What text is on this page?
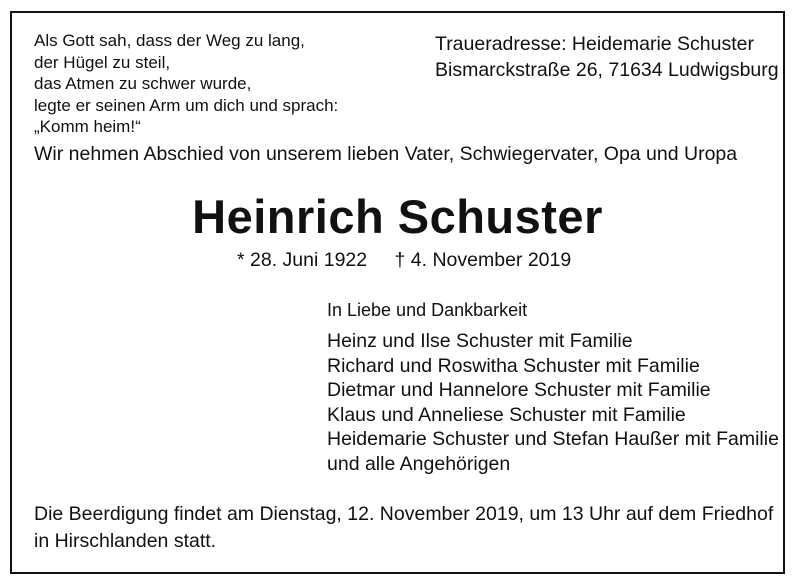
Als Gott sah, dass der Weg zu lang,
der Hügel zu steil,
das Atmen zu schwer wurde,
legte er seinen Arm um dich und sprach:
„Komm heim!“
Traueradresse: Heidemarie Schuster
Bismarckstraße 26, 71634 Ludwigsburg
Wir nehmen Abschied von unserem lieben Vater, Schwiegervater, Opa und Uropa
Heinrich Schuster
* 28. Juni 1922 † 4. November 2019
In Liebe und Dankbarkeit
Heinz und Ilse Schuster mit Familie
Richard und Roswitha Schuster mit Familie
Dietmar und Hannelore Schuster mit Familie
Klaus und Anneliese Schuster mit Familie
Heidemarie Schuster und Stefan Haußer mit Familie
und alle Angehörigen
Die Beerdigung findet am Dienstag, 12. November 2019, um 13 Uhr auf dem Friedhof in Hirschlanden statt.
